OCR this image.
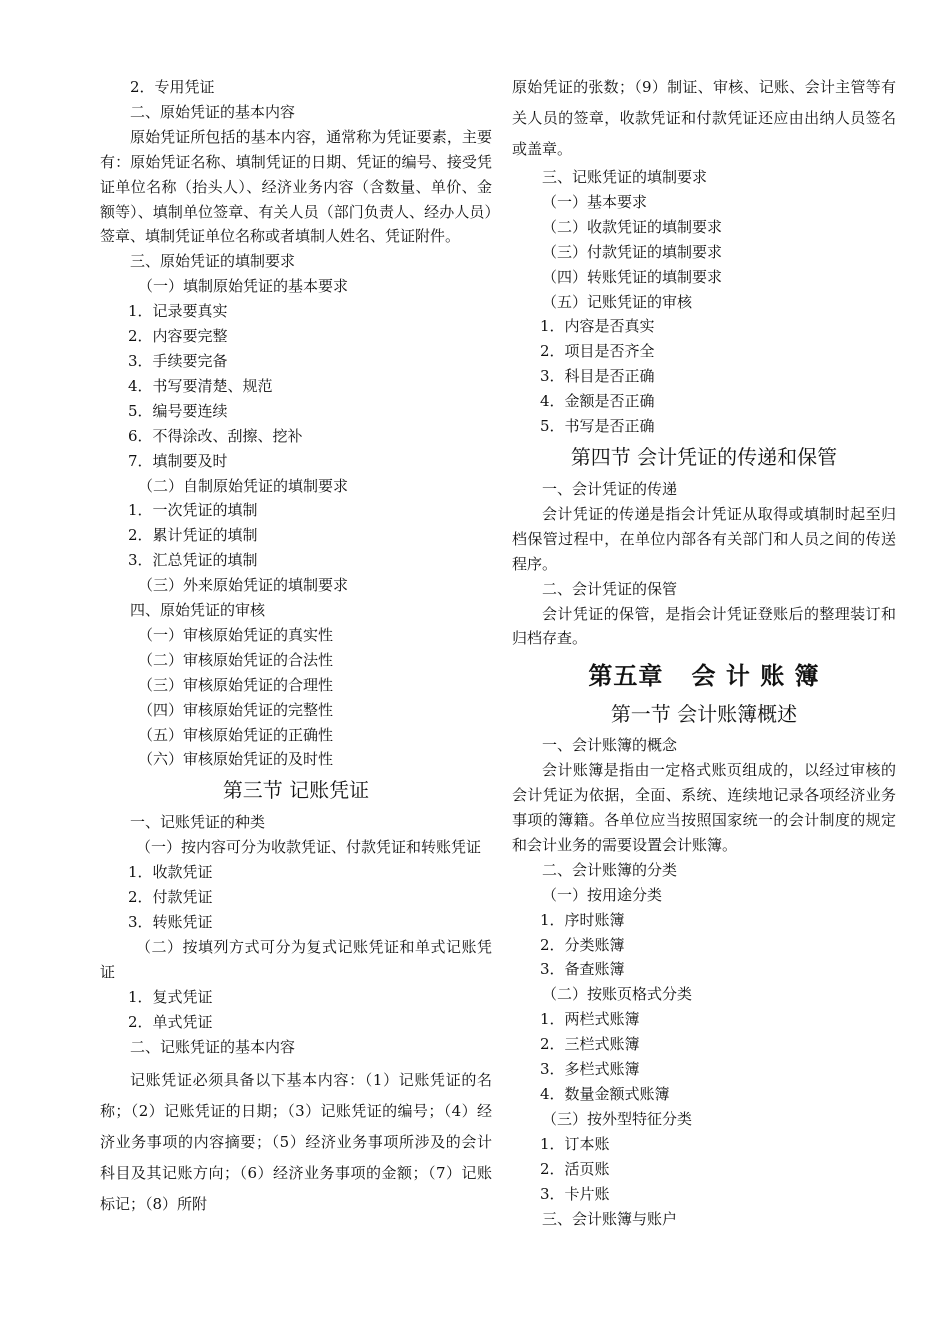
2．专用凭证
二、原始凭证的基本内容
原始凭证所包括的基本内容，通常称为凭证要素，主要有：原始凭证名称、填制凭证的日期、凭证的编号、接受凭证单位名称（抬头人）、经济业务内容（含数量、单价、金额等）、填制单位签章、有关人员（部门负责人、经办人员）签章、填制凭证单位名称或者填制人姓名、凭证附件。
三、原始凭证的填制要求
（一）填制原始凭证的基本要求
1．记录要真实
2．内容要完整
3．手续要完备
4．书写要清楚、规范
5．编号要连续
6．不得涂改、刮擦、挖补
7．填制要及时
（二）自制原始凭证的填制要求
1．一次凭证的填制
2．累计凭证的填制
3．汇总凭证的填制
（三）外来原始凭证的填制要求
四、原始凭证的审核
（一）审核原始凭证的真实性
（二）审核原始凭证的合法性
（三）审核原始凭证的合理性
（四）审核原始凭证的完整性
（五）审核原始凭证的正确性
（六）审核原始凭证的及时性
第三节 记账凭证
一、记账凭证的种类
（一）按内容可分为收款凭证、付款凭证和转账凭证
1．收款凭证
2．付款凭证
3．转账凭证
（二）按填列方式可分为复式记账凭证和单式记账凭证
1．复式凭证
2．单式凭证
二、记账凭证的基本内容
记账凭证必须具备以下基本内容：（1）记账凭证的名称；（2）记账凭证的日期；（3）记账凭证的编号；（4）经济业务事项的内容摘要；（5）经济业务事项所涉及的会计科目及其记账方向；（6）经济业务事项的金额；（7）记账标记；（8）所附
原始凭证的张数；（9）制证、审核、记账、会计主管等有关人员的签章，收款凭证和付款凭证还应由出纳人员签名或盖章。
三、记账凭证的填制要求
（一）基本要求
（二）收款凭证的填制要求
（三）付款凭证的填制要求
（四）转账凭证的填制要求
（五）记账凭证的审核
1．内容是否真实
2．项目是否齐全
3．科目是否正确
4．金额是否正确
5．书写是否正确
第四节 会计凭证的传递和保管
一、会计凭证的传递
会计凭证的传递是指会计凭证从取得或填制时起至归档保管过程中，在单位内部各有关部门和人员之间的传送程序。
二、会计凭证的保管
会计凭证的保管，是指会计凭证登账后的整理装订和归档存查。
第五章   会 计 账 簿
第一节 会计账簿概述
一、会计账簿的概念
会计账簿是指由一定格式账页组成的，以经过审核的会计凭证为依据，全面、系统、连续地记录各项经济业务事项的簿籍。各单位应当按照国家统一的会计制度的规定和会计业务的需要设置会计账簿。
二、会计账簿的分类
（一）按用途分类
1．序时账簿
2．分类账簿
3．备查账簿
（二）按账页格式分类
1．两栏式账簿
2．三栏式账簿
3．多栏式账簿
4．数量金额式账簿
（三）按外型特征分类
1．订本账
2．活页账
3．卡片账
三、会计账簿与账户
